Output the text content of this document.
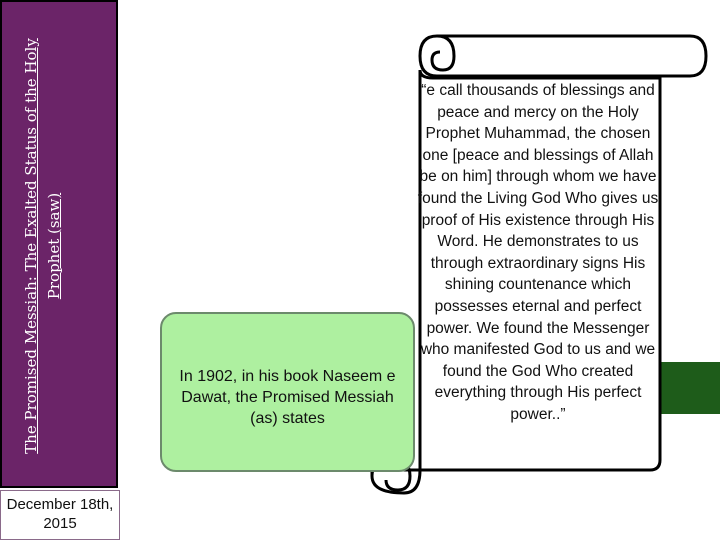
The Promised Messiah: The Exalted Status of the Holy Prophet (saw)
December 18th, 2015
“e call thousands of blessings and peace and mercy on the Holy Prophet Muhammad, the chosen one [peace and blessings of Allah be on him] through whom we have found the Living God Who gives us proof of His existence through His Word. He demonstrates to us through extraordinary signs His shining countenance which possesses eternal and perfect power. We found the Messenger who manifested God to us and we found the God Who created everything through His perfect power..”
In 1902, in his book Naseem e Dawat, the Promised Messiah (as) states
